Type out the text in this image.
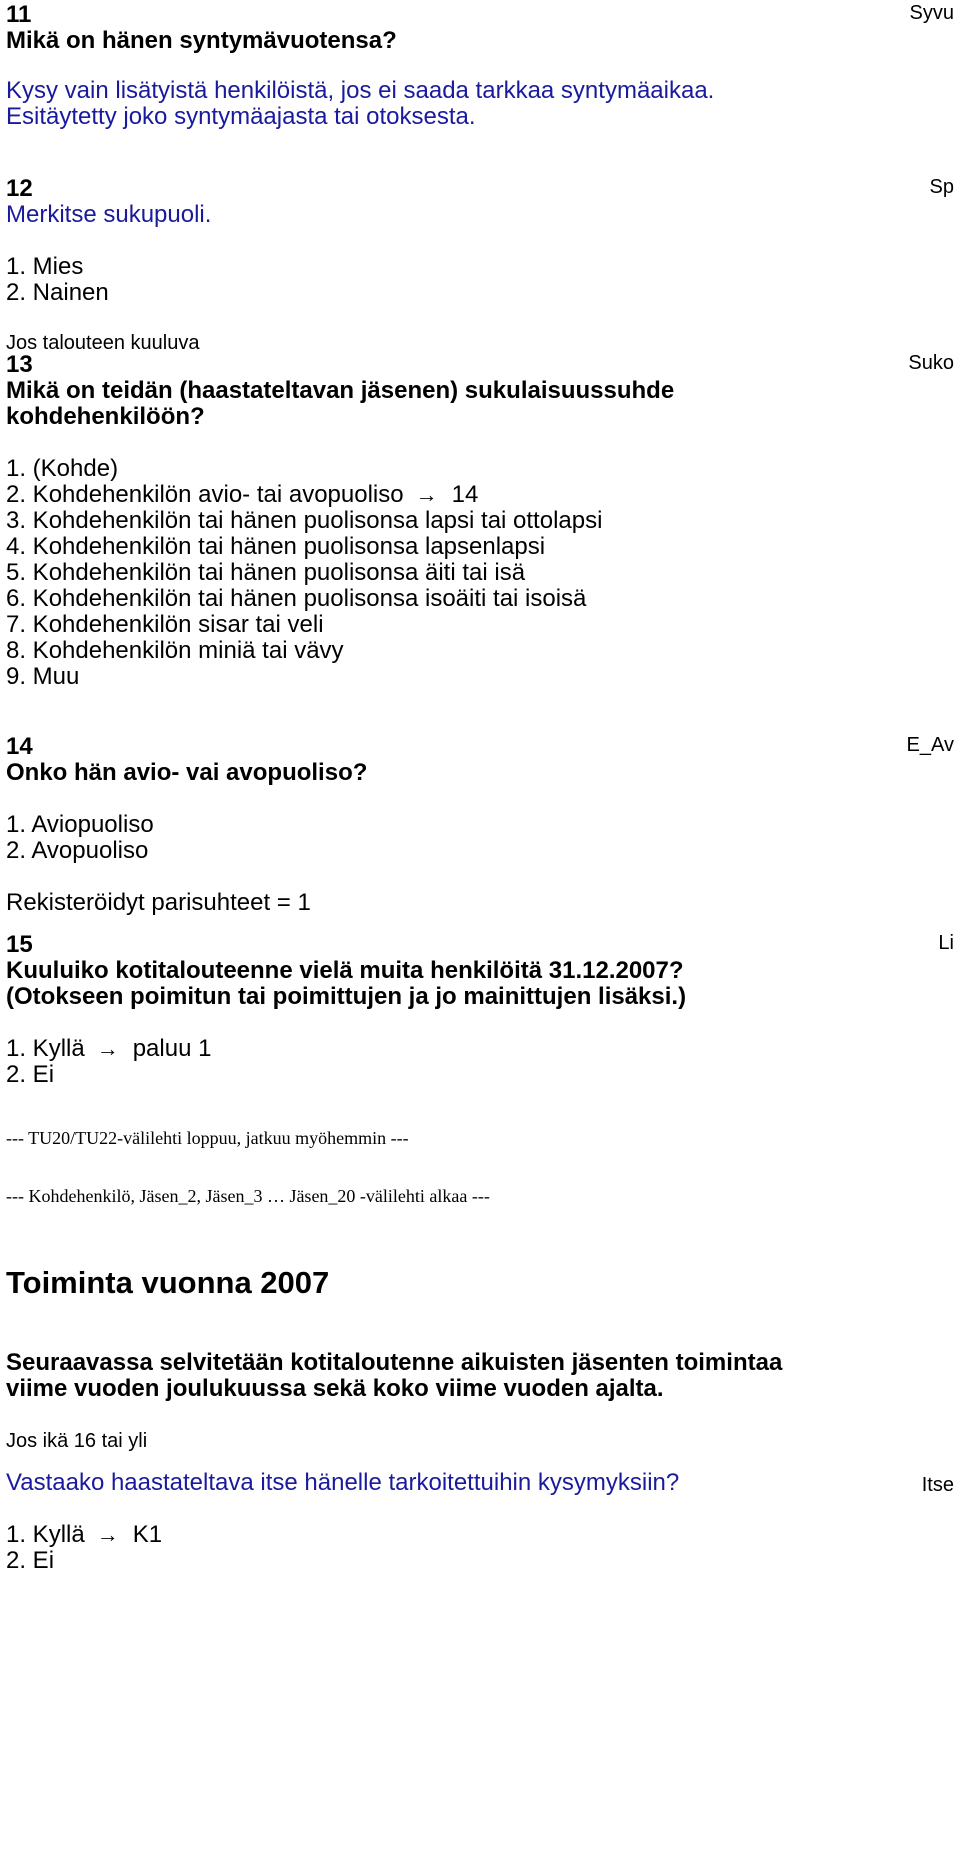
11	Syvu
Mikä on hänen syntymävuotensa?
Kysy vain lisätyistä henkilöistä, jos ei saada tarkkaa syntymäaikaa.
Esitäytetty joko syntymäajasta tai otoksesta.
12	Sp
Merkitse sukupuoli.
1. Mies
2. Nainen
Jos talouteen kuuluva
13	Suko
Mikä on teidän (haastateltavan jäsenen) sukulaisuussuhde
kohdehenkilöön?
1. (Kohde)
2. Kohdehenkilön avio- tai avopuoliso → 14
3. Kohdehenkilön tai hänen puolisonsa lapsi tai ottolapsi
4. Kohdehenkilön tai hänen puolisonsa lapsenlapsi
5. Kohdehenkilön tai hänen puolisonsa äiti tai isä
6. Kohdehenkilön tai hänen puolisonsa isoäiti tai isoisä
7. Kohdehenkilön sisar tai veli
8. Kohdehenkilön miniä tai vävy
9. Muu
14	E_Av
Onko hän avio- vai avopuoliso?
1. Aviopuoliso
2. Avopuoliso
Rekisteröidyt parisuhteet = 1
15	Li
Kuuluiko kotitalouteenne vielä muita henkilöitä 31.12.2007?
(Otokseen poimitun tai poimittujen ja jo mainittujen lisäksi.)
1. Kyllä → paluu 1
2. Ei
--- TU20/TU22-välilehti loppuu, jatkuu myöhemmin ---
--- Kohdehenkilö, Jäsen_2, Jäsen_3 … Jäsen_20 -välilehti alkaa ---
Toiminta vuonna 2007
Seuraavassa selvitetään kotitaloutenne aikuisten jäsenten toimintaa
viime vuoden joulukuussa sekä koko viime vuoden ajalta.
Jos ikä 16 tai yli
Vastaako haastateltava itse hänelle tarkoitettuihin kysymyksiin?	Itse
1. Kyllä → K1
2. Ei
